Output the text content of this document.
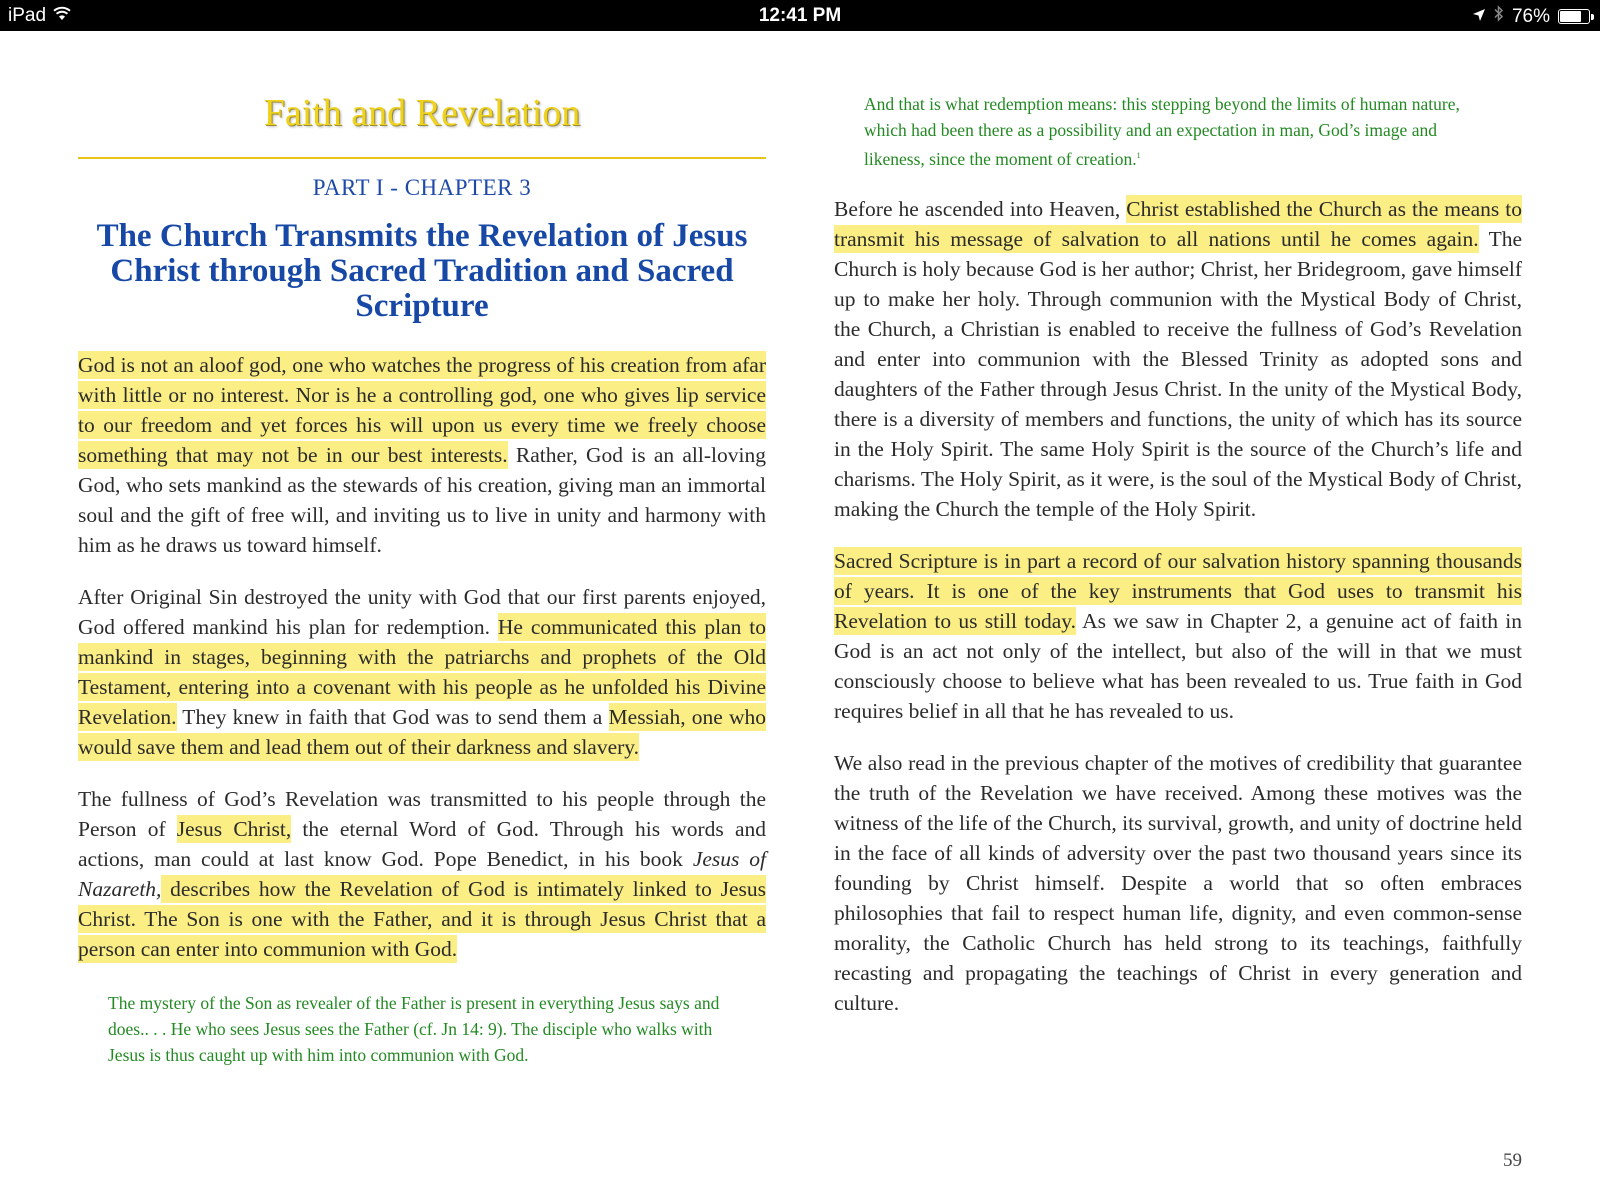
iPad	12:41 PM	76%
Faith and Revelation
PART I - CHAPTER 3
The Church Transmits the Revelation of Jesus Christ through Sacred Tradition and Sacred Scripture

God is not an aloof god, one who watches the progress of his creation from afar with little or no interest. Nor is he a controlling god, one who gives lip service to our freedom and yet forces his will upon us every time we freely choose something that may not be in our best interests. Rather, God is an all-loving God, who sets mankind as the stewards of his creation, giving man an immortal soul and the gift of free will, and inviting us to live in unity and harmony with him as he draws us toward himself.

After Original Sin destroyed the unity with God that our first parents enjoyed, God offered mankind his plan for redemption. He communicated this plan to mankind in stages, beginning with the patriarchs and prophets of the Old Testament, entering into a covenant with his people as he unfolded his Divine Revelation. They knew in faith that God was to send them a Messiah, one who would save them and lead them out of their darkness and slavery.

The fullness of God’s Revelation was transmitted to his people through the Person of Jesus Christ, the eternal Word of God. Through his words and actions, man could at last know God. Pope Benedict, in his book Jesus of Nazareth, describes how the Revelation of God is intimately linked to Jesus Christ. The Son is one with the Father, and it is through Jesus Christ that a person can enter into communion with God.

The mystery of the Son as revealer of the Father is present in everything Jesus says and does.. . . He who sees Jesus sees the Father (cf. Jn 14: 9). The disciple who walks with Jesus is thus caught up with him into communion with God.

And that is what redemption means: this stepping beyond the limits of human nature, which had been there as a possibility and an expectation in man, God’s image and likeness, since the moment of creation.$^1$

Before he ascended into Heaven, Christ established the Church as the means to transmit his message of salvation to all nations until he comes again. The Church is holy because God is her author; Christ, her Bridegroom, gave himself up to make her holy. Through communion with the Mystical Body of Christ, the Church, a Christian is enabled to receive the fullness of God’s Revelation and enter into communion with the Blessed Trinity as adopted sons and daughters of the Father through Jesus Christ. In the unity of the Mystical Body, there is a diversity of members and functions, the unity of which has its source in the Holy Spirit. The same Holy Spirit is the source of the Church’s life and charisms. The Holy Spirit, as it were, is the soul of the Mystical Body of Christ, making the Church the temple of the Holy Spirit.

Sacred Scripture is in part a record of our salvation history spanning thousands of years. It is one of the key instruments that God uses to transmit his Revelation to us still today. As we saw in Chapter 2, a genuine act of faith in God is an act not only of the intellect, but also of the will in that we must consciously choose to believe what has been revealed to us. True faith in God requires belief in all that he has revealed to us.

We also read in the previous chapter of the motives of credibility that guarantee the truth of the Revelation we have received. Among these motives was the witness of the life of the Church, its survival, growth, and unity of doctrine held in the face of all kinds of adversity over the past two thousand years since its founding by Christ himself. Despite a world that so often embraces philosophies that fail to respect human life, dignity, and even common-sense morality, the Catholic Church has held strong to its teachings, faithfully recasting and propagating the teachings of Christ in every generation and culture.

59
